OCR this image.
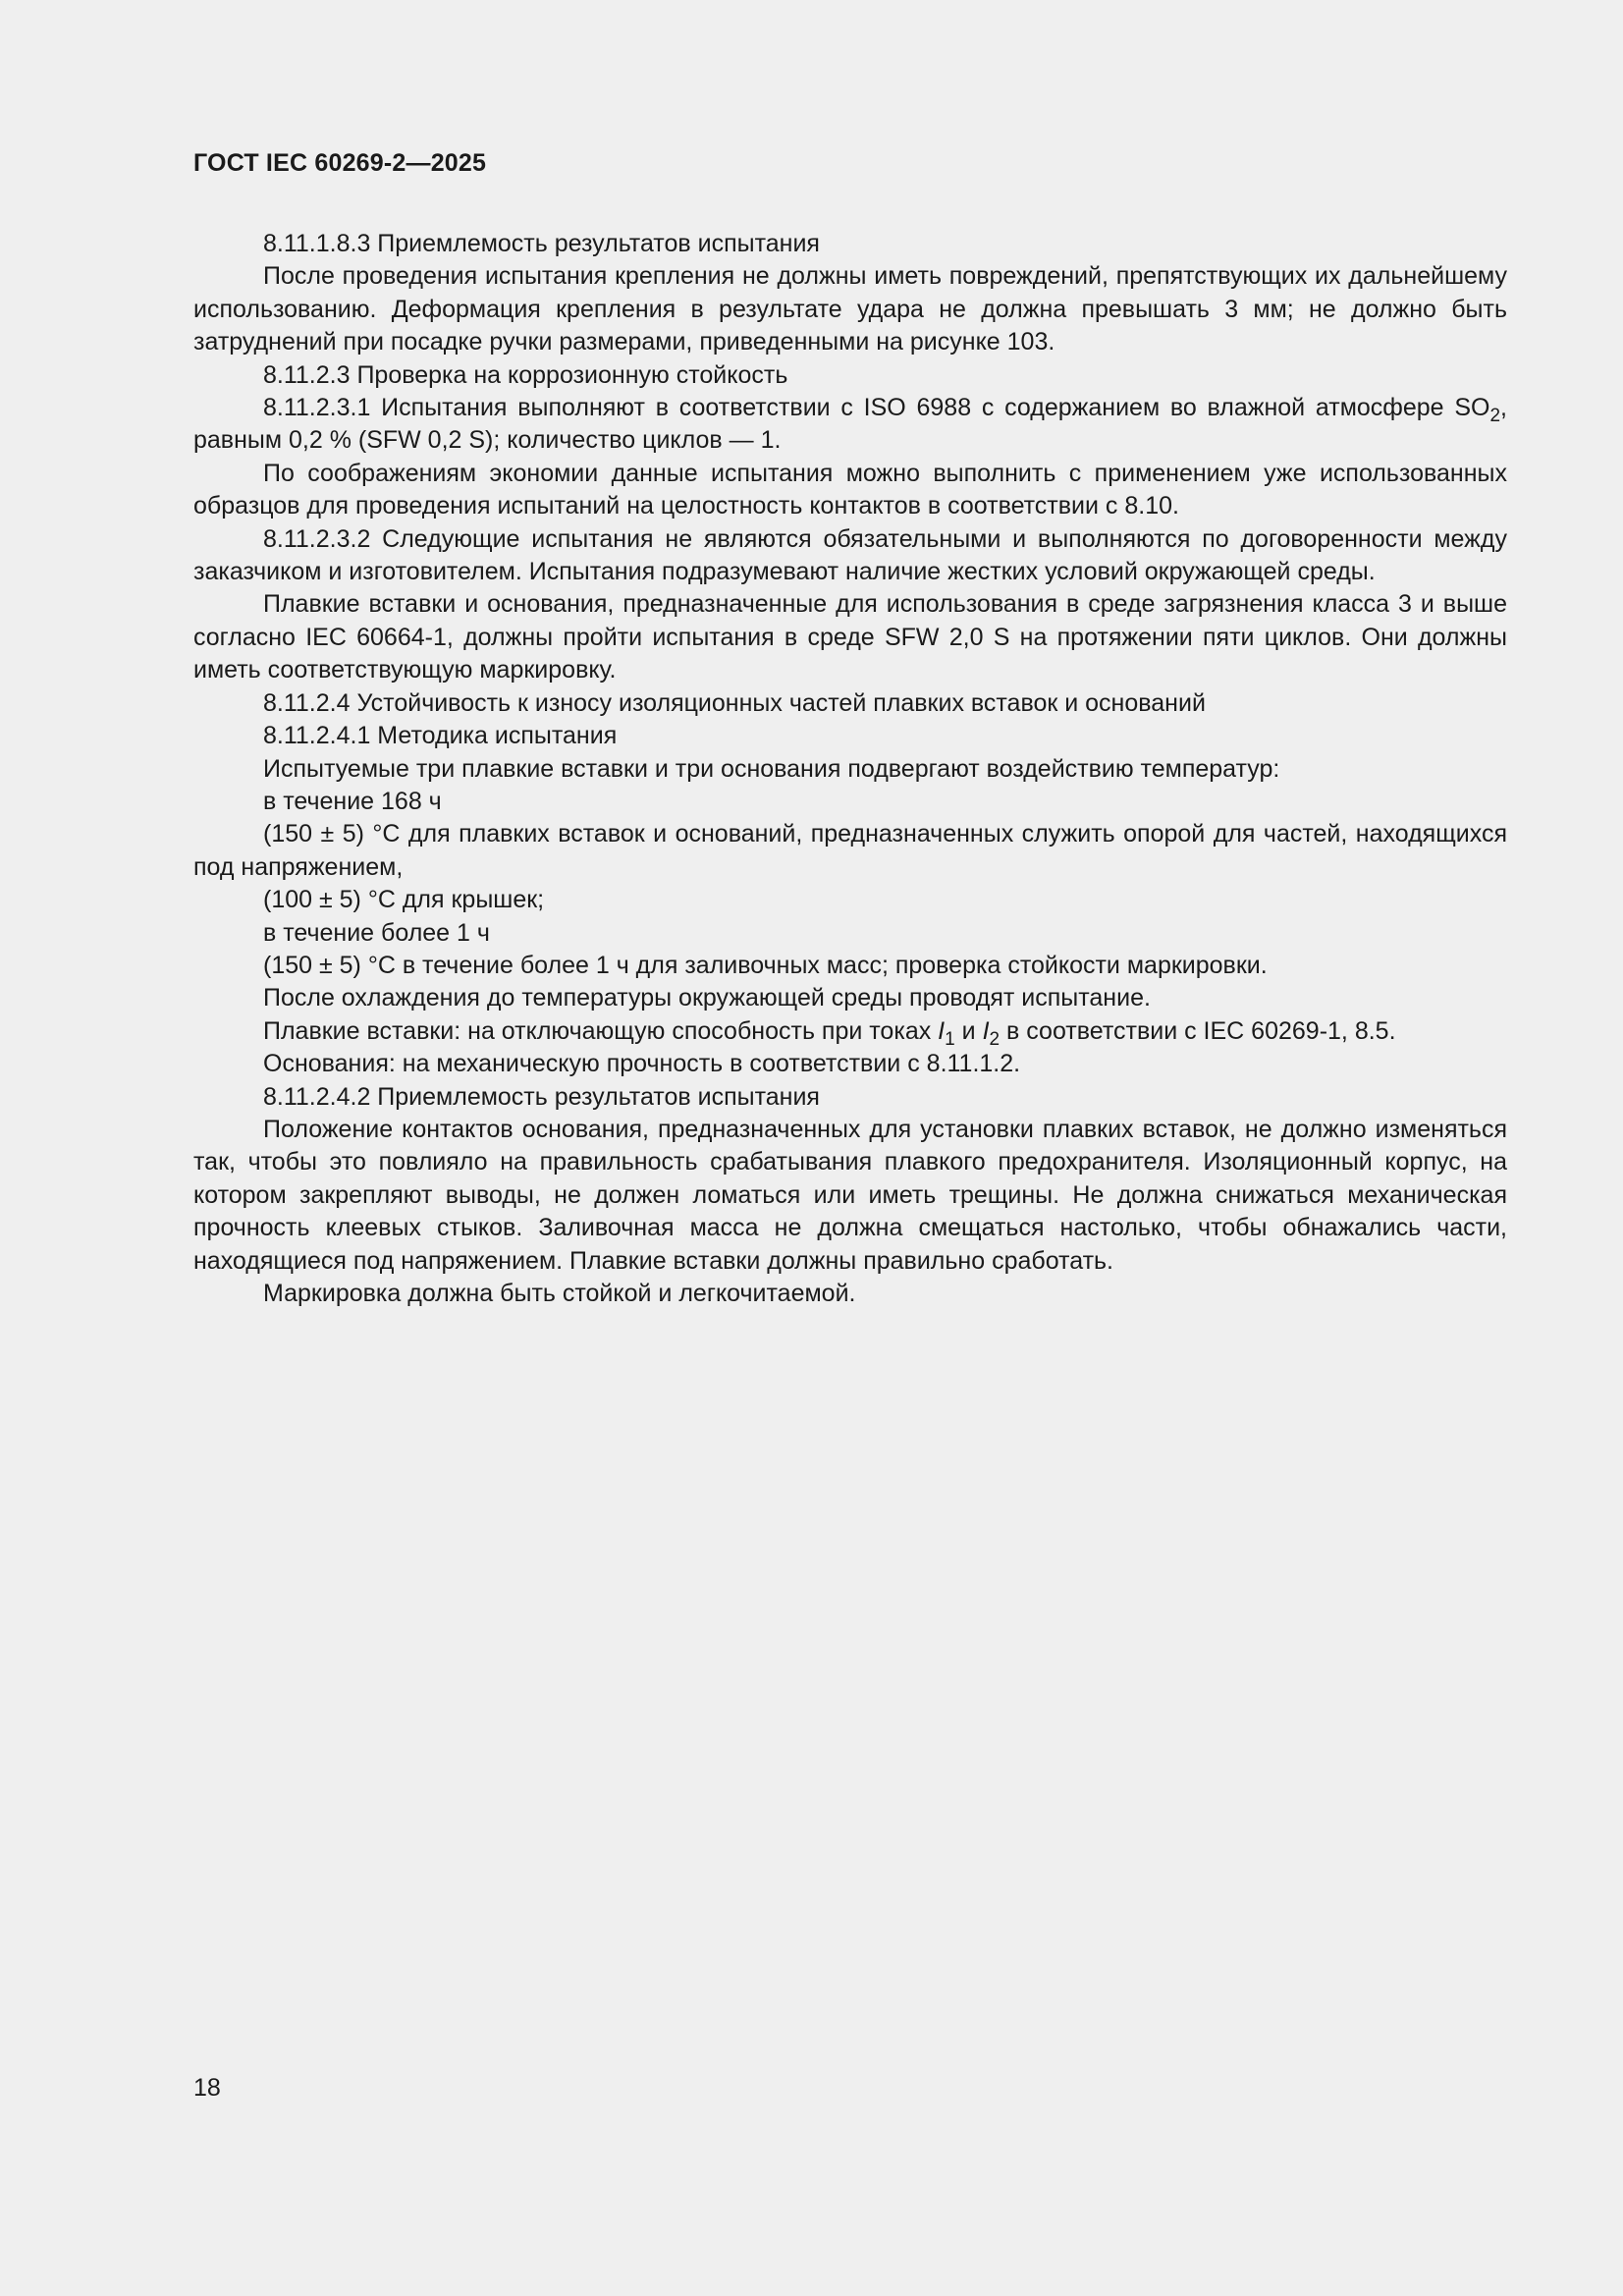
ГОСТ IEC 60269-2—2025

8.11.1.8.3 Приемлемость результатов испытания

После проведения испытания крепления не должны иметь повреждений, препятствующих их дальнейшему использованию. Деформация крепления в результате удара не должна превышать 3 мм; не должно быть затруднений при посадке ручки размерами, приведенными на рисунке 103.

8.11.2.3 Проверка на коррозионную стойкость

8.11.2.3.1 Испытания выполняют в соответствии с ISO 6988 с содержанием во влажной атмосфере $SO_2$, равным 0,2 % (SFW 0,2 S); количество циклов — 1.

По соображениям экономии данные испытания можно выполнить с применением уже использованных образцов для проведения испытаний на целостность контактов в соответствии с 8.10.

8.11.2.3.2 Следующие испытания не являются обязательными и выполняются по договоренности между заказчиком и изготовителем. Испытания подразумевают наличие жестких условий окружающей среды.

Плавкие вставки и основания, предназначенные для использования в среде загрязнения класса 3 и выше согласно IEC 60664-1, должны пройти испытания в среде SFW 2,0 S на протяжении пяти циклов. Они должны иметь соответствующую маркировку.

8.11.2.4 Устойчивость к износу изоляционных частей плавких вставок и оснований

8.11.2.4.1 Методика испытания

Испытуемые три плавкие вставки и три основания подвергают воздействию температур:

в течение 168 ч

(150 ± 5) °С для плавких вставок и оснований, предназначенных служить опорой для частей, находящихся под напряжением,

(100 ± 5) °С для крышек;

в течение более 1 ч

(150 ± 5) °С в течение более 1 ч для заливочных масс; проверка стойкости маркировки.

После охлаждения до температуры окружающей среды проводят испытание.

Плавкие вставки: на отключающую способность при токах $I_1$ и $I_2$ в соответствии с IEC 60269-1, 8.5.

Основания: на механическую прочность в соответствии с 8.11.1.2.

8.11.2.4.2 Приемлемость результатов испытания

Положение контактов основания, предназначенных для установки плавких вставок, не должно изменяться так, чтобы это повлияло на правильность срабатывания плавкого предохранителя. Изоляционный корпус, на котором закрепляют выводы, не должен ломаться или иметь трещины. Не должна снижаться механическая прочность клеевых стыков. Заливочная масса не должна смещаться настолько, чтобы обнажались части, находящиеся под напряжением. Плавкие вставки должны правильно сработать.

Маркировка должна быть стойкой и легкочитаемой.

18
